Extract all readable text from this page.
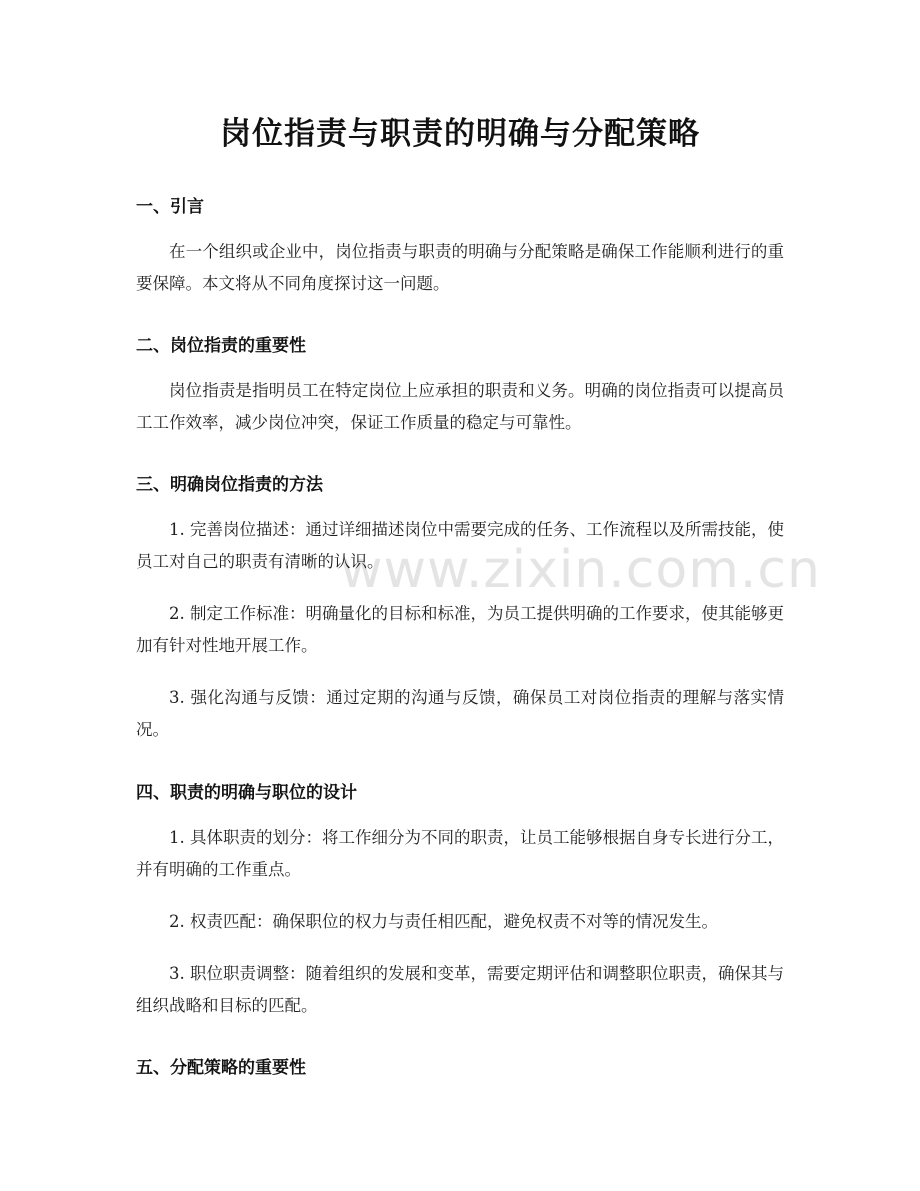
www.zixin.com.cn
岗位指责与职责的明确与分配策略
一、引言

在一个组织或企业中，岗位指责与职责的明确与分配策略是确保工作能顺利进行的重要保障。本文将从不同角度探讨这一问题。

二、岗位指责的重要性

岗位指责是指明员工在特定岗位上应承担的职责和义务。明确的岗位指责可以提高员工工作效率，减少岗位冲突，保证工作质量的稳定与可靠性。

三、明确岗位指责的方法

1. 完善岗位描述：通过详细描述岗位中需要完成的任务、工作流程以及所需技能，使员工对自己的职责有清晰的认识。

2. 制定工作标准：明确量化的目标和标准，为员工提供明确的工作要求，使其能够更加有针对性地开展工作。

3. 强化沟通与反馈：通过定期的沟通与反馈，确保员工对岗位指责的理解与落实情况。

四、职责的明确与职位的设计

1. 具体职责的划分：将工作细分为不同的职责，让员工能够根据自身专长进行分工，并有明确的工作重点。

2. 权责匹配：确保职位的权力与责任相匹配，避免权责不对等的情况发生。

3. 职位职责调整：随着组织的发展和变革，需要定期评估和调整职位职责，确保其与组织战略和目标的匹配。

五、分配策略的重要性
